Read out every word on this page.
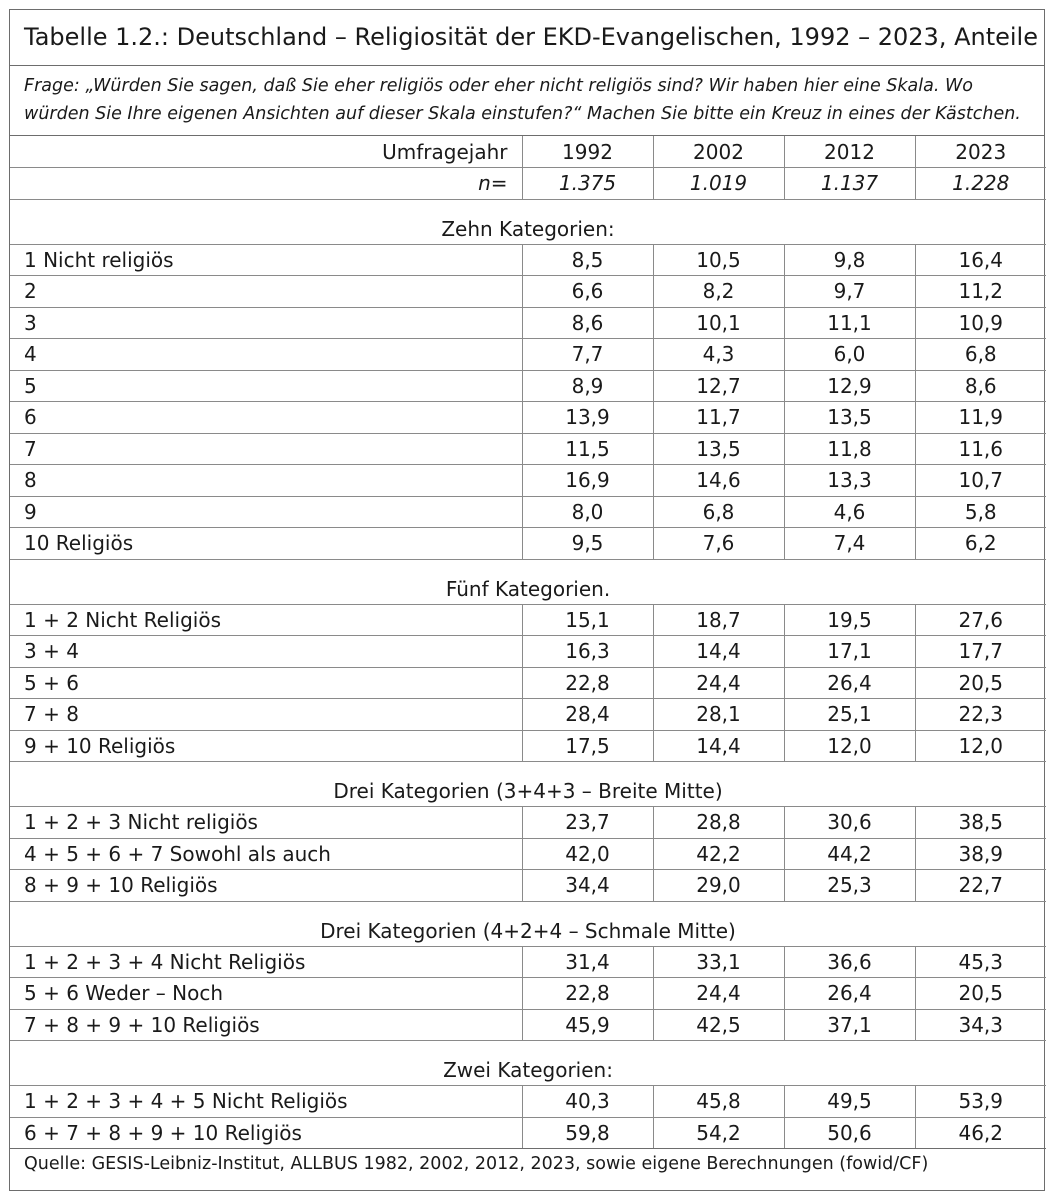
Tabelle 1.2.: Deutschland – Religiosität der EKD-Evangelischen, 1992 – 2023, Anteile
Frage: „Würden Sie sagen, daß Sie eher religiös oder eher nicht religiös sind? Wir haben hier eine Skala. Wo würden Sie Ihre eigenen Ansichten auf dieser Skala einstufen?“ Machen Sie bitte ein Kreuz in eines der Kästchen.
Umfragejahr	1992	2002	2012	2023
n=	1.375	1.019	1.137	1.228
Zehn Kategorien:				
1 Nicht religiös	8,5	10,5	9,8	16,4
2	6,6	8,2	9,7	11,2
3	8,6	10,1	11,1	10,9
4	7,7	4,3	6,0	6,8
5	8,9	12,7	12,9	8,6
6	13,9	11,7	13,5	11,9
7	11,5	13,5	11,8	11,6
8	16,9	14,6	13,3	10,7
9	8,0	6,8	4,6	5,8
10 Religiös	9,5	7,6	7,4	6,2
Fünf Kategorien.				
1 + 2 Nicht Religiös	15,1	18,7	19,5	27,6
3 + 4	16,3	14,4	17,1	17,7
5 + 6	22,8	24,4	26,4	20,5
7 + 8	28,4	28,1	25,1	22,3
9 + 10 Religiös	17,5	14,4	12,0	12,0
Drei Kategorien (3+4+3 – Breite Mitte)				
1 + 2 + 3 Nicht religiös	23,7	28,8	30,6	38,5
4 + 5 + 6 + 7 Sowohl als auch	42,0	42,2	44,2	38,9
8 + 9 + 10 Religiös	34,4	29,0	25,3	22,7
Drei Kategorien (4+2+4 – Schmale Mitte)				
1 + 2 + 3 + 4 Nicht Religiös	31,4	33,1	36,6	45,3
5 + 6 Weder – Noch	22,8	24,4	26,4	20,5
7 + 8 + 9 + 10 Religiös	45,9	42,5	37,1	34,3
Zwei Kategorien:				
1 + 2 + 3 + 4 + 5 Nicht Religiös	40,3	45,8	49,5	53,9
6 + 7 + 8 + 9 + 10 Religiös	59,8	54,2	50,6	46,2
Quelle: GESIS-Leibniz-Institut, ALLBUS 1982, 2002, 2012, 2023, sowie eigene Berechnungen (fowid/CF)
